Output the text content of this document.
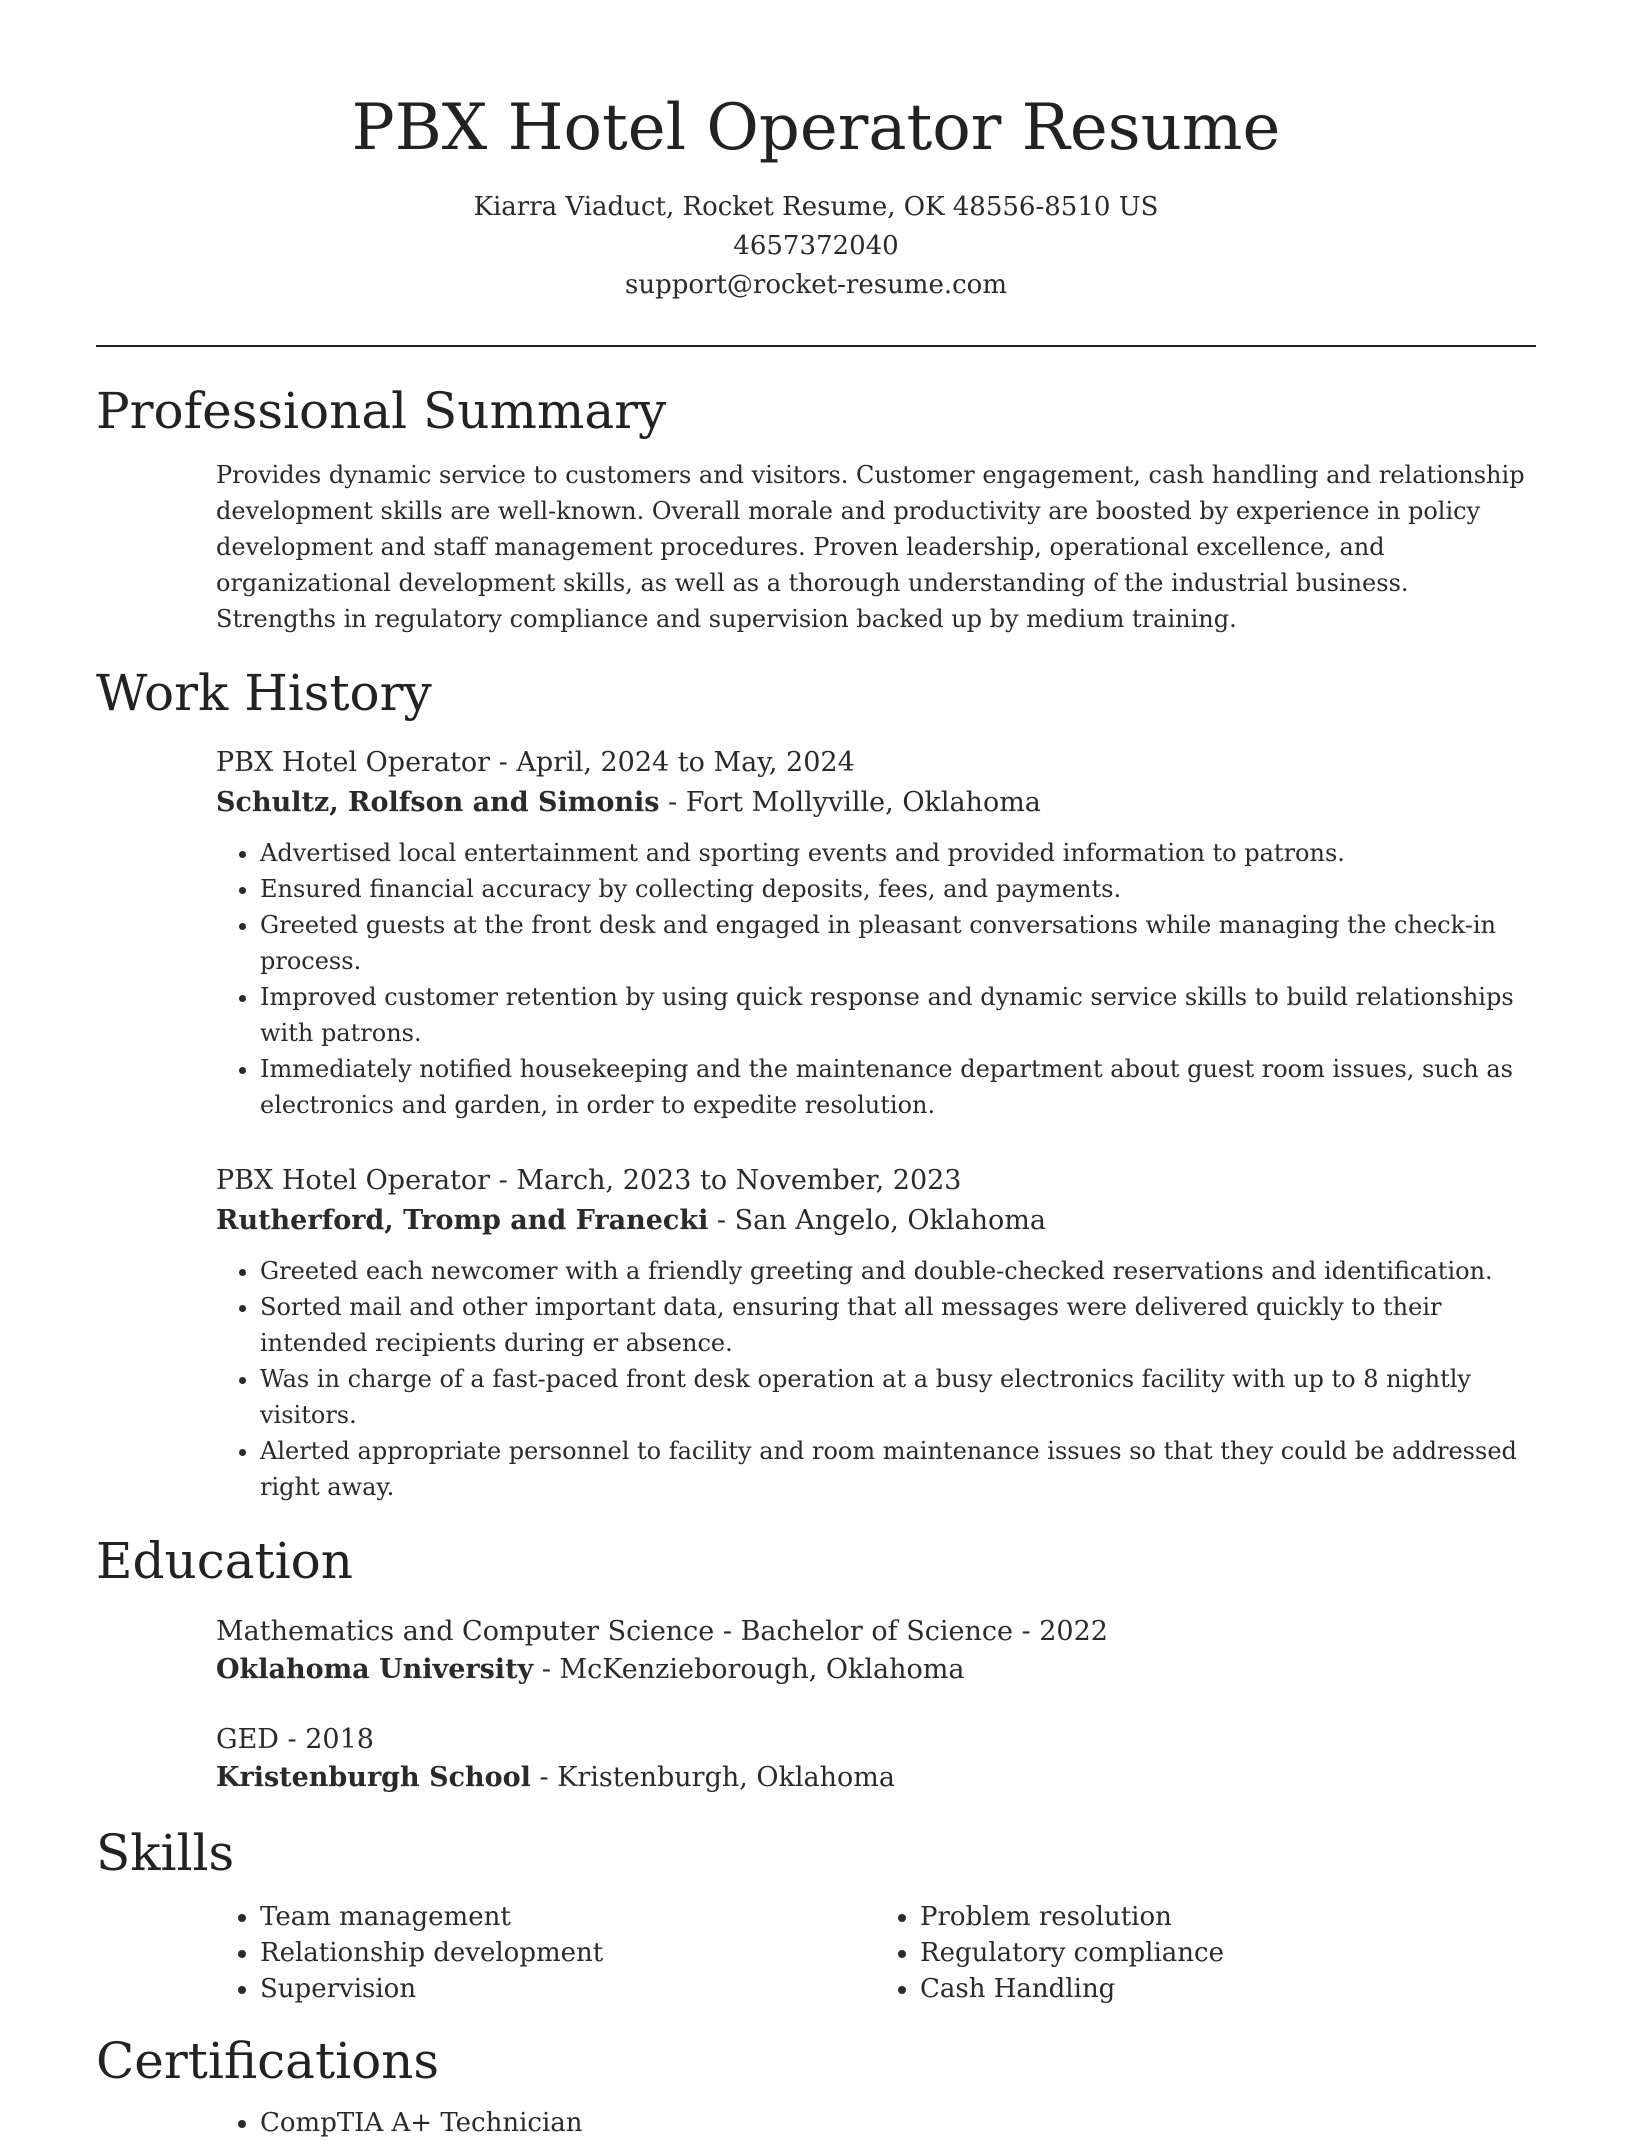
PBX Hotel Operator Resume
Kiarra Viaduct, Rocket Resume, OK 48556-8510 US
4657372040
support@rocket-resume.com
Professional Summary

Provides dynamic service to customers and visitors. Customer engagement, cash handling and relationship development skills are well-known. Overall morale and productivity are boosted by experience in policy development and staff management procedures. Proven leadership, operational excellence, and organizational development skills, as well as a thorough understanding of the industrial business. Strengths in regulatory compliance and supervision backed up by medium training.

Work History
PBX Hotel Operator - April, 2024 to May, 2024
Schultz, Rolfson and Simonis - Fort Mollyville, Oklahoma
• Advertised local entertainment and sporting events and provided information to patrons.
• Ensured financial accuracy by collecting deposits, fees, and payments.
• Greeted guests at the front desk and engaged in pleasant conversations while managing the check-in process.
• Improved customer retention by using quick response and dynamic service skills to build relationships with patrons.
• Immediately notified housekeeping and the maintenance department about guest room issues, such as electronics and garden, in order to expedite resolution.
PBX Hotel Operator - March, 2023 to November, 2023
Rutherford, Tromp and Franecki - San Angelo, Oklahoma
• Greeted each newcomer with a friendly greeting and double-checked reservations and identification.
• Sorted mail and other important data, ensuring that all messages were delivered quickly to their intended recipients during er absence.
• Was in charge of a fast-paced front desk operation at a busy electronics facility with up to 8 nightly visitors.
• Alerted appropriate personnel to facility and room maintenance issues so that they could be addressed right away.
Education
Mathematics and Computer Science - Bachelor of Science - 2022
Oklahoma University - McKenzieborough, Oklahoma
GED - 2018
Kristenburgh School - Kristenburgh, Oklahoma
Skills
• Team management
• Relationship development
• Supervision
• Problem resolution
• Regulatory compliance
• Cash Handling
Certifications
• CompTIA A+ Technician
